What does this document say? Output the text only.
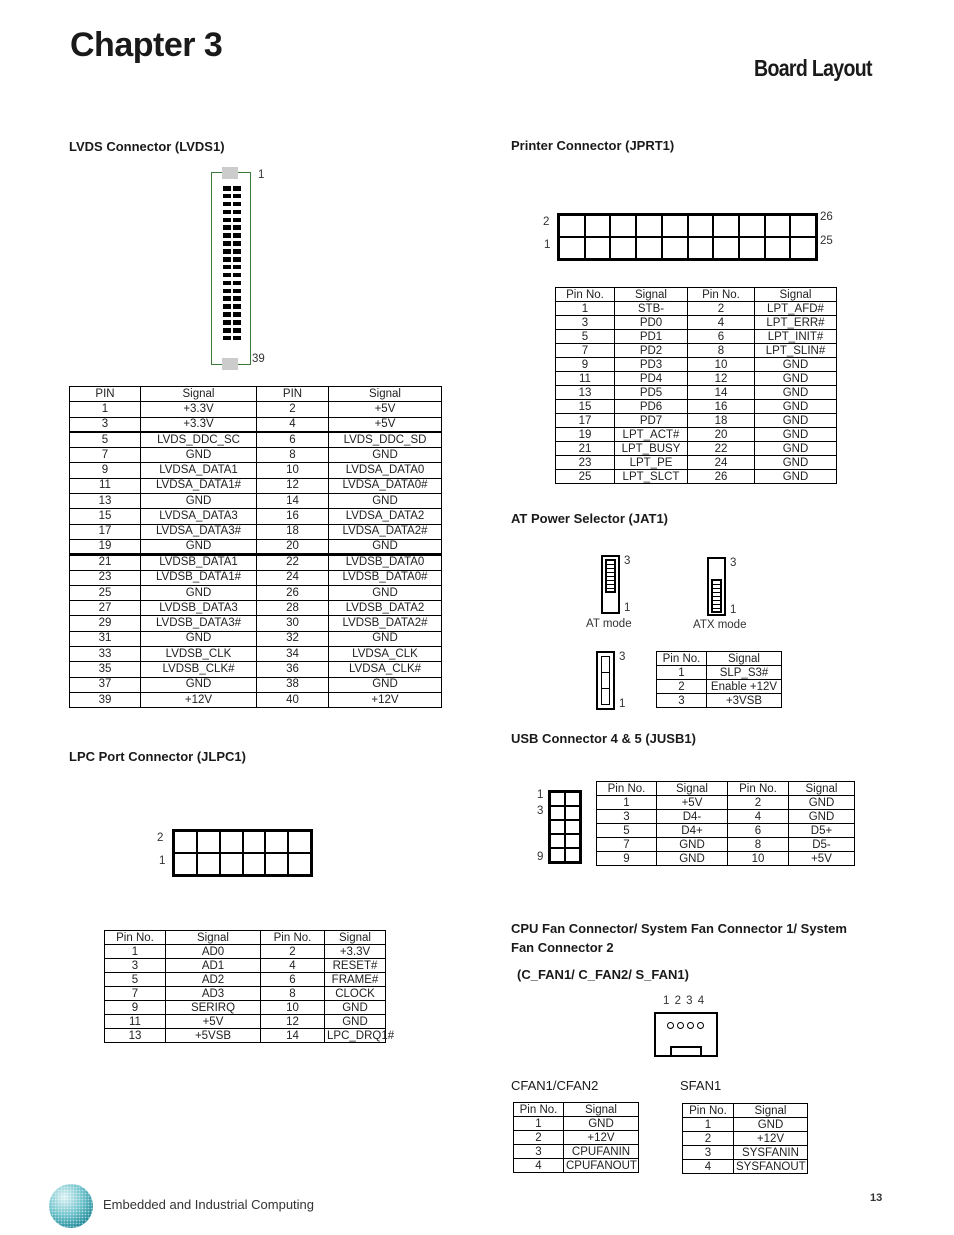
Chapter 3
Board Layout
LVDS Connector (LVDS1)
1
39
PIN	Signal	PIN	Signal
1	+3.3V	2	+5V
3	+3.3V	4	+5V
5	LVDS_DDC_SC	6	LVDS_DDC_SD
7	GND	8	GND
9	LVDSA_DATA1	10	LVDSA_DATA0
11	LVDSA_DATA1#	12	LVDSA_DATA0#
13	GND	14	GND
15	LVDSA_DATA3	16	LVDSA_DATA2
17	LVDSA_DATA3#	18	LVDSA_DATA2#
19	GND	20	GND
21	LVDSB_DATA1	22	LVDSB_DATA0
23	LVDSB_DATA1#	24	LVDSB_DATA0#
25	GND	26	GND
27	LVDSB_DATA3	28	LVDSB_DATA2
29	LVDSB_DATA3#	30	LVDSB_DATA2#
31	GND	32	GND
33	LVDSB_CLK	34	LVDSA_CLK
35	LVDSB_CLK#	36	LVDSA_CLK#
37	GND	38	GND
39	+12V	40	+12V
LPC Port Connector (JLPC1)
2
1
Pin No.	Signal	Pin No.	Signal
1	AD0	2	+3.3V
3	AD1	4	RESET#
5	AD2	6	FRAME#
7	AD3	8	CLOCK
9	SERIRQ	10	GND
11	+5V	12	GND
13	+5VSB	14	LPC_DRQ1#
Printer Connector (JPRT1)
2
1
26
25
Pin No.	Signal	Pin No.	Signal
1	STB-	2	LPT_AFD#
3	PD0	4	LPT_ERR#
5	PD1	6	LPT_INIT#
7	PD2	8	LPT_SLIN#
9	PD3	10	GND
11	PD4	12	GND
13	PD5	14	GND
15	PD6	16	GND
17	PD7	18	GND
19	LPT_ACT#	20	GND
21	LPT_BUSY	22	GND
23	LPT_PE	24	GND
25	LPT_SLCT	26	GND
AT Power Selector (JAT1)
3
1
AT mode
3
1
ATX mode
3
1
Pin No.	Signal
1	SLP_S3#
2	Enable +12V
3	+3VSB
USB Connector 4 & 5 (JUSB1)
1
3
9
Pin No.	Signal	Pin No.	Signal
1	+5V	2	GND
3	D4-	4	GND
5	D4+	6	D5+
7	GND	8	D5-
9	GND	10	+5V
CPU Fan Connector/ System Fan Connector 1/ System
Fan Connector 2
(C_FAN1/ C_FAN2/ S_FAN1)
1 2 3 4
CFAN1/CFAN2	SFAN1
Pin No.	Signal
1	GND
2	+12V
3	CPUFANIN
4	CPUFANOUT
Pin No.	Signal
1	GND
2	+12V
3	SYSFANIN
4	SYSFANOUT
Embedded and Industrial Computing	13
